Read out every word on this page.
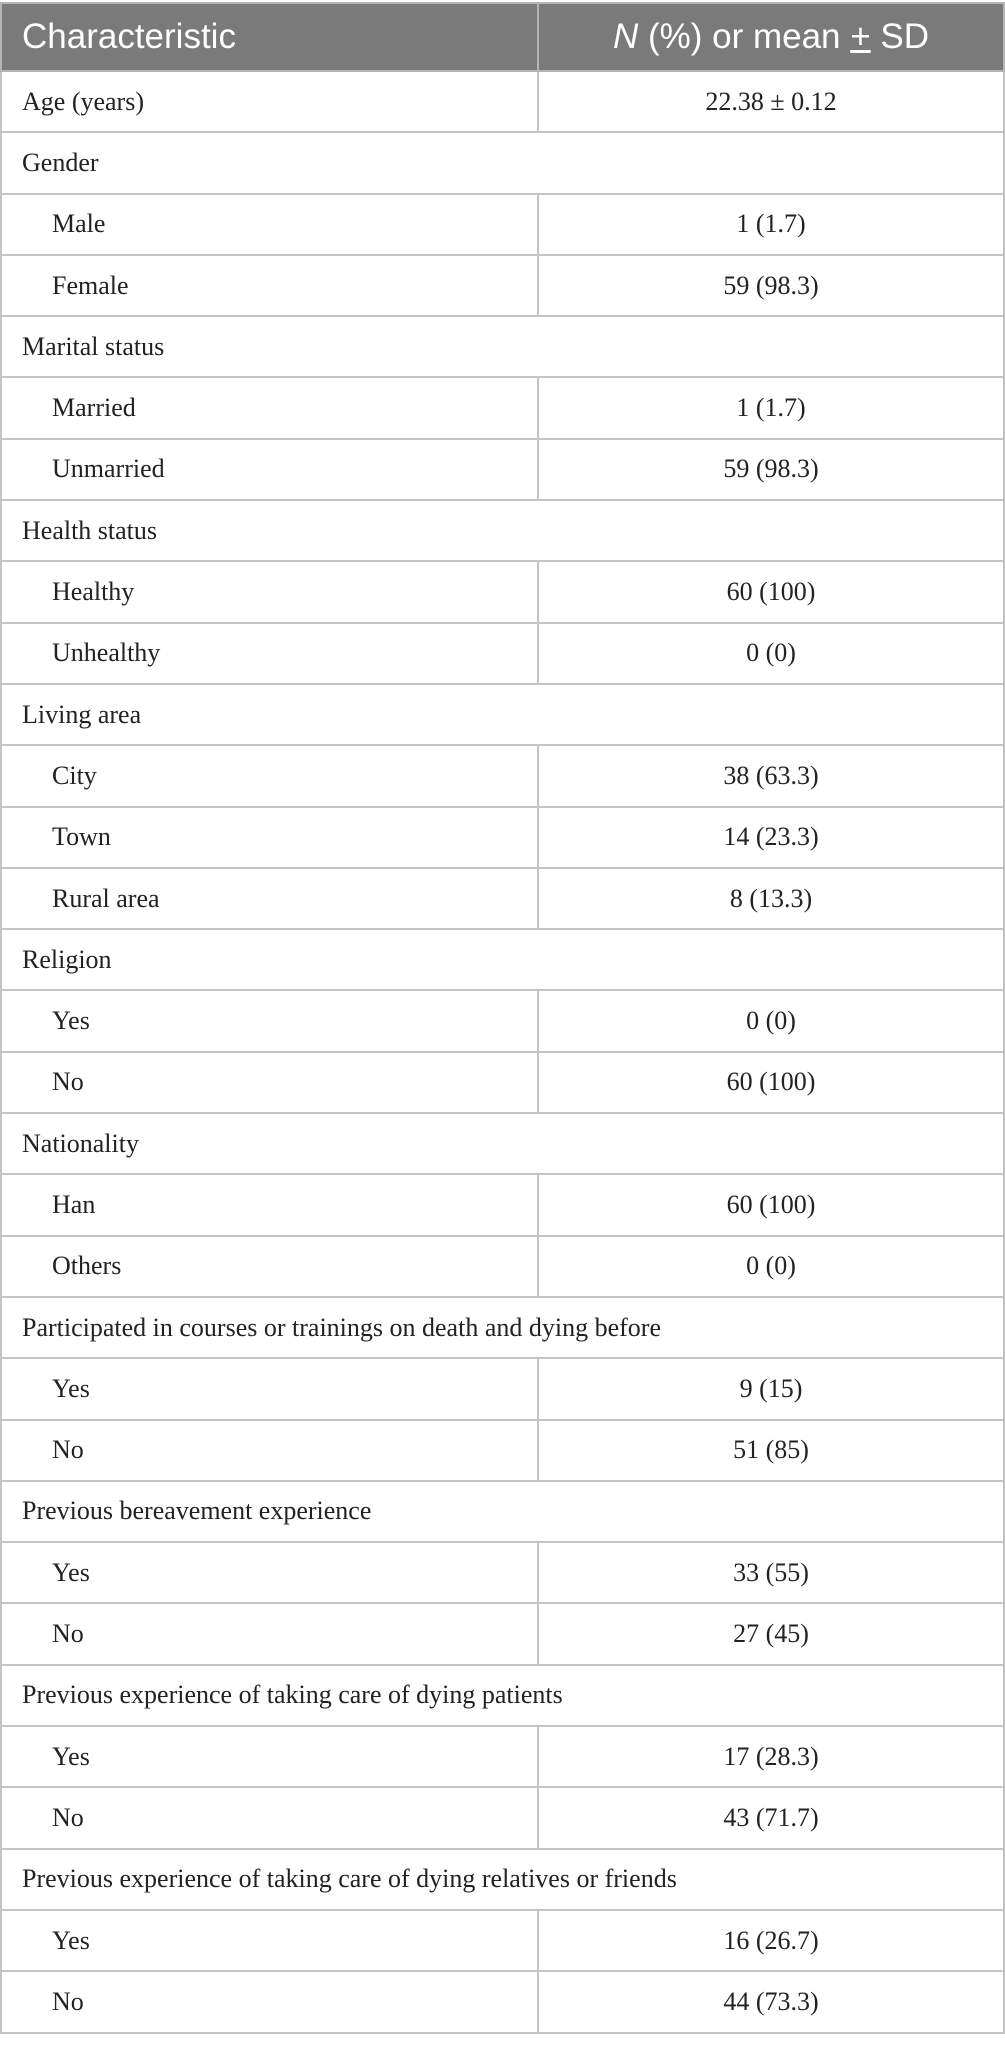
Characteristic	N (%) or mean + SD
Age (years)	22.38 ± 0.12
Gender	
Male	1 (1.7)
Female	59 (98.3)
Marital status	
Married	1 (1.7)
Unmarried	59 (98.3)
Health status	
Healthy	60 (100)
Unhealthy	0 (0)
Living area	
City	38 (63.3)
Town	14 (23.3)
Rural area	8 (13.3)
Religion	
Yes	0 (0)
No	60 (100)
Nationality	
Han	60 (100)
Others	0 (0)
Participated in courses or trainings on death and dying before	
Yes	9 (15)
No	51 (85)
Previous bereavement experience	
Yes	33 (55)
No	27 (45)
Previous experience of taking care of dying patients	
Yes	17 (28.3)
No	43 (71.7)
Previous experience of taking care of dying relatives or friends	
Yes	16 (26.7)
No	44 (73.3)
